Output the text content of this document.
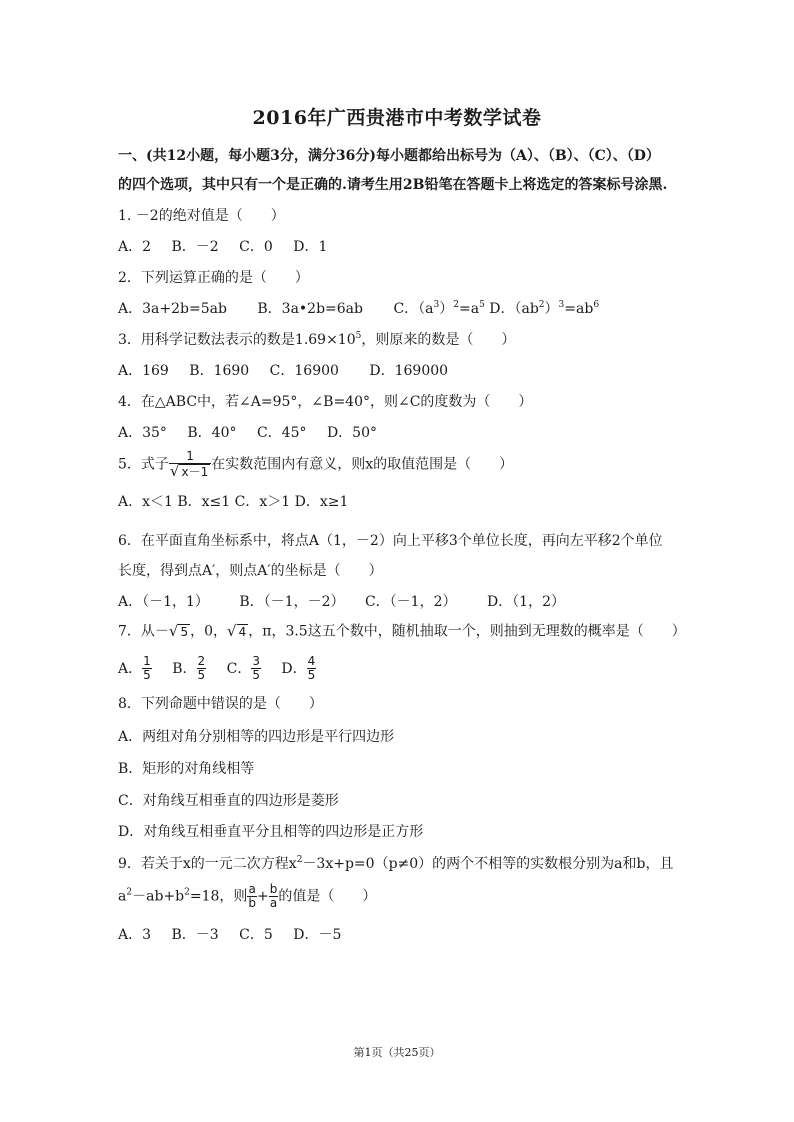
2016年广西贵港市中考数学试卷
一、(共12小题，每小题3分，满分36分)每小题都给出标号为（A）、（B）、（C）、（D）
的四个选项，其中只有一个是正确的.请考生用2B铅笔在答题卡上将选定的答案标号涂黑.
1. －2的绝对值是（　　）
A．2 B．－2 C．0 D．1
2．下列运算正确的是（　　）
A．3a+2b=5ab B．3a•2b=6ab C．$(a^3)^2=a^5$ D．$(ab^2)^3=ab^6$
3．用科学记数法表示的数是$1.69\times 10^5$，则原来的数是（　　）
A．169 B．1690 C．16900 D．169000
4．在△ABC中，若∠A=95°，∠B=40°，则∠C的度数为（　　）
A．35° B．40° C．45° D．50°
5．式子 $\frac{1}{√ x-1}$ 在实数范围内有意义，则x的取值范围是（　　）
A．x＜1 B．x≤1 C．x＞1 D．x≥1
6．在平面直角坐标系中，将点A（1，－2）向上平移3个单位长度，再向左平移2个单位
长度，得到点A′，则点A′的坐标是（　　）
A．（－1，1） B．（－1，－2） C．（－1，2） D．（1，2）
7．从－√ 5 ，0，√ 4 ，π，3.5这五个数中，随机抽取一个，则抽到无理数的概率是（　　）
A． $\frac{1}{5}$ B． $\frac{2}{5}$ C． $\frac{3}{5}$ D． $\frac{4}{5}$
8．下列命题中错误的是（　　）
A．两组对角分别相等的四边形是平行四边形
B．矩形的对角线相等
C．对角线互相垂直的四边形是菱形
D．对角线互相垂直平分且相等的四边形是正方形
9．若关于x的一元二次方程$x^2-3x+p=0(p\ne 0)$的两个不相等的实数根分别为a和b，且
$a^2-ab+b^2=18$，则 $\frac{a}{b} + \frac{b}{a}$ 的值是（　　）
A．3 B．－3 C．5 D．－5
第1页（共25页）
